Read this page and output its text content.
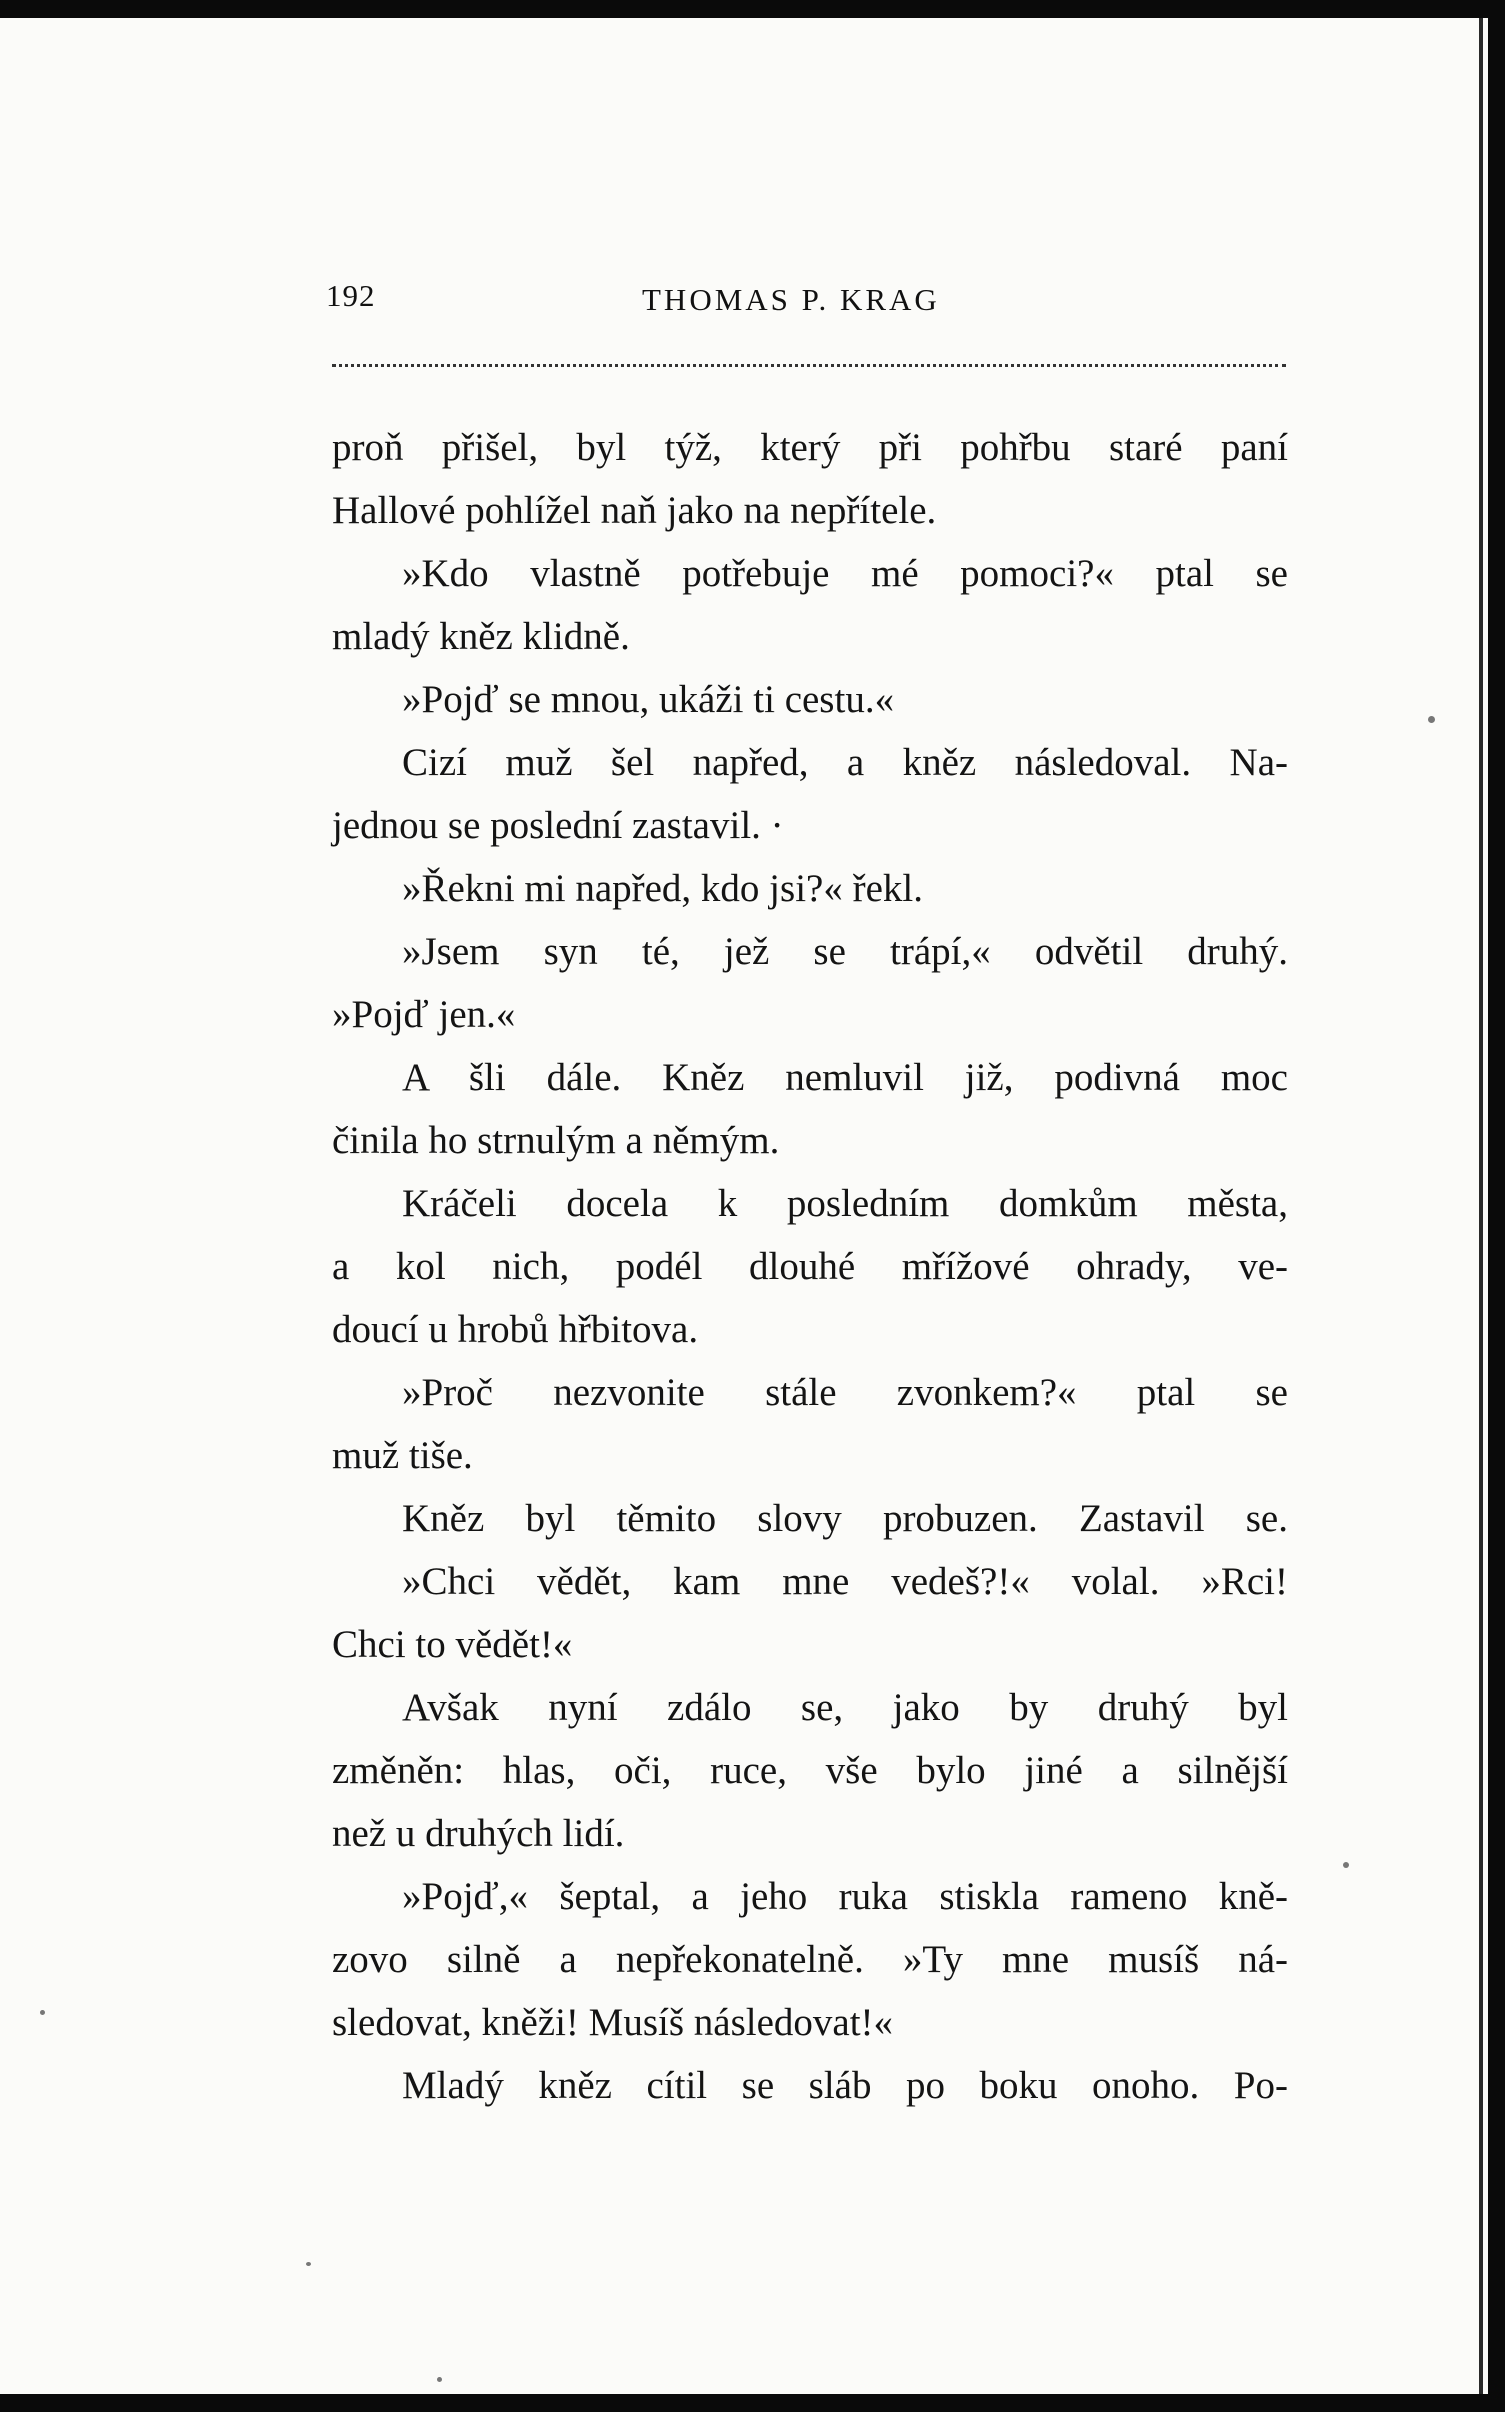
192	THOMAS P. KRAG
proň přišel, byl týž, který při pohřbu staré paní
Hallové pohlížel naň jako na nepřítele.
»Kdo vlastně potřebuje mé pomoci?« ptal se
mladý kněz klidně.
»Pojď se mnou, ukáži ti cestu.«
Cizí muž šel napřed, a kněz následoval. Na-
jednou se poslední zastavil. ·
»Řekni mi napřed, kdo jsi?« řekl.
»Jsem syn té, jež se trápí,« odvětil druhý.
»Pojď jen.«
A šli dále. Kněz nemluvil již, podivná moc
činila ho strnulým a němým.
Kráčeli docela k posledním domkům města,
a kol nich, podél dlouhé mřížové ohrady, ve-
doucí u hrobů hřbitova.
»Proč nezvonite stále zvonkem?« ptal se
muž tiše.
Kněz byl těmito slovy probuzen. Zastavil se.
»Chci vědět, kam mne vedeš?!« volal. »Rci!
Chci to vědět!«
Avšak nyní zdálo se, jako by druhý byl
změněn: hlas, oči, ruce, vše bylo jiné a silnější
než u druhých lidí.
»Pojď,« šeptal, a jeho ruka stiskla rameno kně-
zovo silně a nepřekonatelně. »Ty mne musíš ná-
sledovat, kněži! Musíš následovat!«
Mladý kněz cítil se sláb po boku onoho. Po-
